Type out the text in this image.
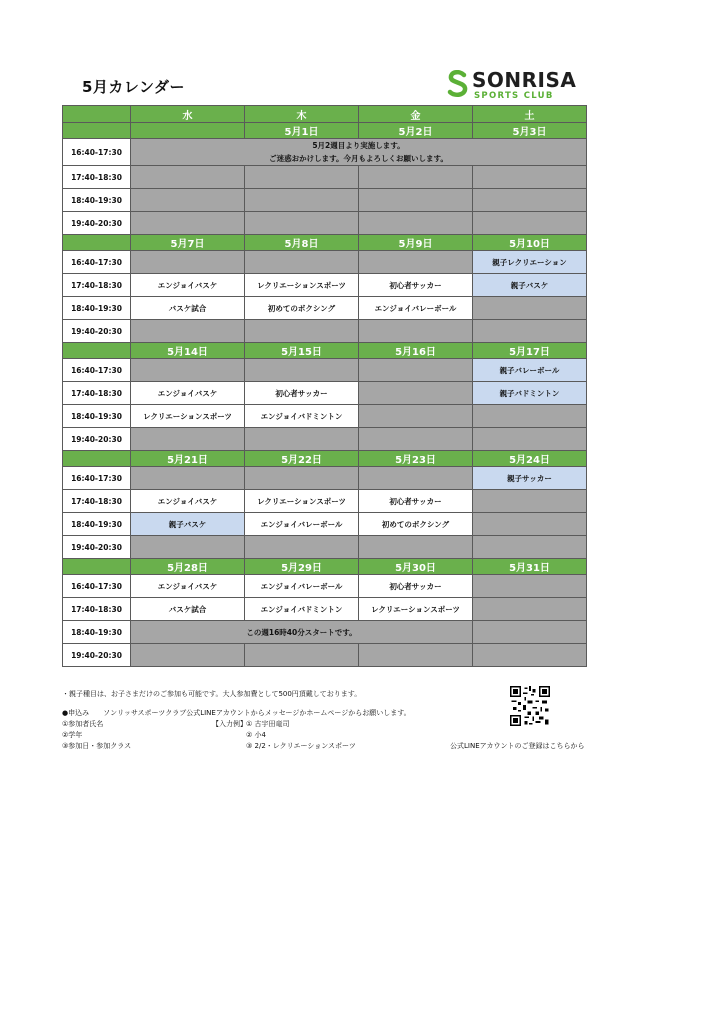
5月カレンダー	SONRISA
SPORTS CLUB
	水	木	金	土
		5月1日	5月2日	5月3日
16:40-17:30	5月2週目より実施します。
ご迷惑おかけします。今月もよろしくお願いします。			

17:40-18:30				
18:40-19:30				
19:40-20:30				
	5月7日	5月8日	5月9日	5月10日
16:40-17:30				親子レクリエーション
17:40-18:30	エンジョイバスケ	レクリエーションスポーツ	初心者サッカー	親子バスケ
18:40-19:30	バスケ試合	初めてのボクシング	エンジョイバレーボール	
19:40-20:30				
	5月14日	5月15日	5月16日	5月17日
16:40-17:30				親子バレーボール
17:40-18:30	エンジョイバスケ	初心者サッカー		親子バドミントン
18:40-19:30	レクリエーションスポーツ	エンジョイバドミントン		
19:40-20:30				
	5月21日	5月22日	5月23日	5月24日
16:40-17:30				親子サッカー
17:40-18:30	エンジョイバスケ	レクリエーションスポーツ	初心者サッカー	
18:40-19:30	親子バスケ	エンジョイバレーボール	初めてのボクシング	
19:40-20:30				
	5月28日	5月29日	5月30日	5月31日
16:40-17:30	エンジョイバスケ	エンジョイバレーボール	初心者サッカー	
17:40-18:30	バスケ試合	エンジョイバドミントン	レクリエーションスポーツ	
18:40-19:30	この週16時40分スタートです。			
19:40-20:30				
・親子種目は、お子さまだけのご参加も可能です。大人参加費として500円頂戴しております。
●申込み　　ソンリッサスポーツクラブ公式LINEアカウントからメッセージかホームページからお願いします。
①参加者氏名
②学年
③参加日・参加クラス
【入力例】 ① 古宇田竜司
② 小4
③ 2/2・レクリエーションスポーツ	公式LINEアカウントのご登録はこちらから
